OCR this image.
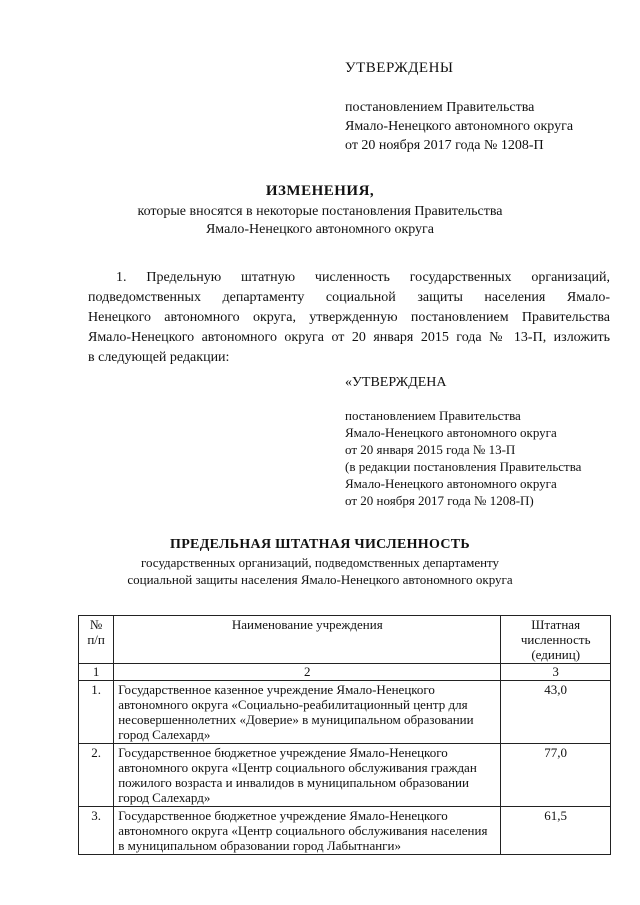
УТВЕРЖДЕНЫ
постановлением Правительства
Ямало-Ненецкого автономного округа
от 20 ноября 2017 года № 1208-П
ИЗМЕНЕНИЯ,
которые вносятся в некоторые постановления Правительства
Ямало-Ненецкого автономного округа
1. Предельную штатную численность государственных организаций,
подведомственных департаменту социальной защиты населения Ямало-
Ненецкого автономного округа, утвержденную постановлением Правительства
Ямало-Ненецкого автономного округа от 20 января 2015 года № 13-П, изложить
в следующей редакции:
«УТВЕРЖДЕНА
постановлением Правительства
Ямало-Ненецкого автономного округа
от 20 января 2015 года № 13-П
(в редакции постановления Правительства
Ямало-Ненецкого автономного округа
от 20 ноября 2017 года № 1208-П)
ПРЕДЕЛЬНАЯ ШТАТНАЯ ЧИСЛЕННОСТЬ
государственных организаций, подведомственных департаменту
социальной защиты населения Ямало-Ненецкого автономного округа
№ п/п	Наименование учреждения	Штатная численность (единиц)
1	2	3
1.	Государственное казенное учреждение Ямало-Ненецкого автономного округа «Социально-реабилитационный центр для несовершеннолетних «Доверие» в муниципальном образовании город Салехард»	43,0
2.	Государственное бюджетное учреждение Ямало-Ненецкого автономного округа «Центр социального обслуживания граждан пожилого возраста и инвалидов в муниципальном образовании город Салехард»	77,0
3.	Государственное бюджетное учреждение Ямало-Ненецкого автономного округа «Центр социального обслуживания населения в муниципальном образовании город Лабытнанги»	61,5
